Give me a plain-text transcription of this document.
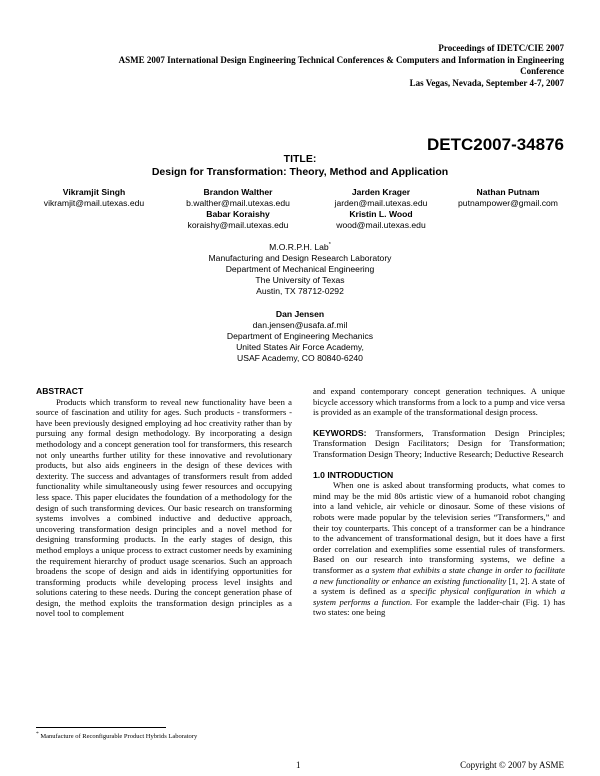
Proceedings of IDETC/CIE 2007
ASME 2007 International Design Engineering Technical Conferences & Computers and Information in Engineering
Conference
Las Vegas, Nevada, September 4-7, 2007
DETC2007-34876
TITLE:
Design for Transformation: Theory, Method and Application
Vikramjit Singh
vikramjit@mail.utexas.edu
Brandon Walther
b.walther@mail.utexas.edu
Jarden Krager
jarden@mail.utexas.edu
Nathan Putnam
putnampower@gmail.com
Babar Koraishy
koraishy@mail.utexas.edu
Kristin L. Wood
wood@mail.utexas.edu
M.O.R.P.H. Lab*
Manufacturing and Design Research Laboratory
Department of Mechanical Engineering
The University of Texas
Austin, TX 78712-0292
Dan Jensen
dan.jensen@usafa.af.mil
Department of Engineering Mechanics
United States Air Force Academy,
USAF Academy, CO 80840-6240

ABSTRACT

Products which transform to reveal new functionality have been a source of fascination and utility for ages. Such products - transformers - have been previously designed employing ad hoc creativity rather than by pursuing any formal design methodology. By incorporating a design methodology and a concept generation tool for transformers, this research not only unearths further utility for these innovative and revolutionary products, but also aids engineers in the design of these devices with dexterity. The success and advantages of transformers result from added functionality while simultaneously using fewer resources and occupying less space. This paper elucidates the foundation of a methodology for the design of such transforming devices. Our basic research on transforming systems involves a combined inductive and deductive approach, uncovering transformation design principles and a novel method for designing transforming products. In the early stages of design, this method employs a unique process to extract customer needs by examining the requirement hierarchy of product usage scenarios. Such an approach broadens the scope of design and aids in identifying opportunities for transforming products while developing process level insights and solutions catering to these needs. During the concept generation phase of design, the method exploits the transformation design principles as a novel tool to complement

and expand contemporary concept generation techniques. A unique bicycle accessory which transforms from a lock to a pump and vice versa is provided as an example of the transformational design process.

KEYWORDS: Transformers, Transformation Design Principles; Transformation Design Facilitators; Design for Transformation; Transformation Design Theory; Inductive Research; Deductive Research

1.0 INTRODUCTION

When one is asked about transforming products, what comes to mind may be the mid 80s artistic view of a humanoid robot changing into a land vehicle, air vehicle or dinosaur. Some of these visions of robots were made popular by the television series “Transformers,” and their toy counterparts. This concept of a transformer can be a hindrance to the advancement of transformational design, but it does have a first order correlation and exemplifies some essential rules of transformers. Based on our research into transforming systems, we define a transformer as a system that exhibits a state change in order to facilitate a new functionality or enhance an existing functionality [1, 2]. A state of a system is defined as a specific physical configuration in which a system performs a function. For example the ladder-chair (Fig. 1) has two states: one being

* Manufacture of Reconfigurable Product Hybrids Laboratory
1	Copyright © 2007 by ASME
